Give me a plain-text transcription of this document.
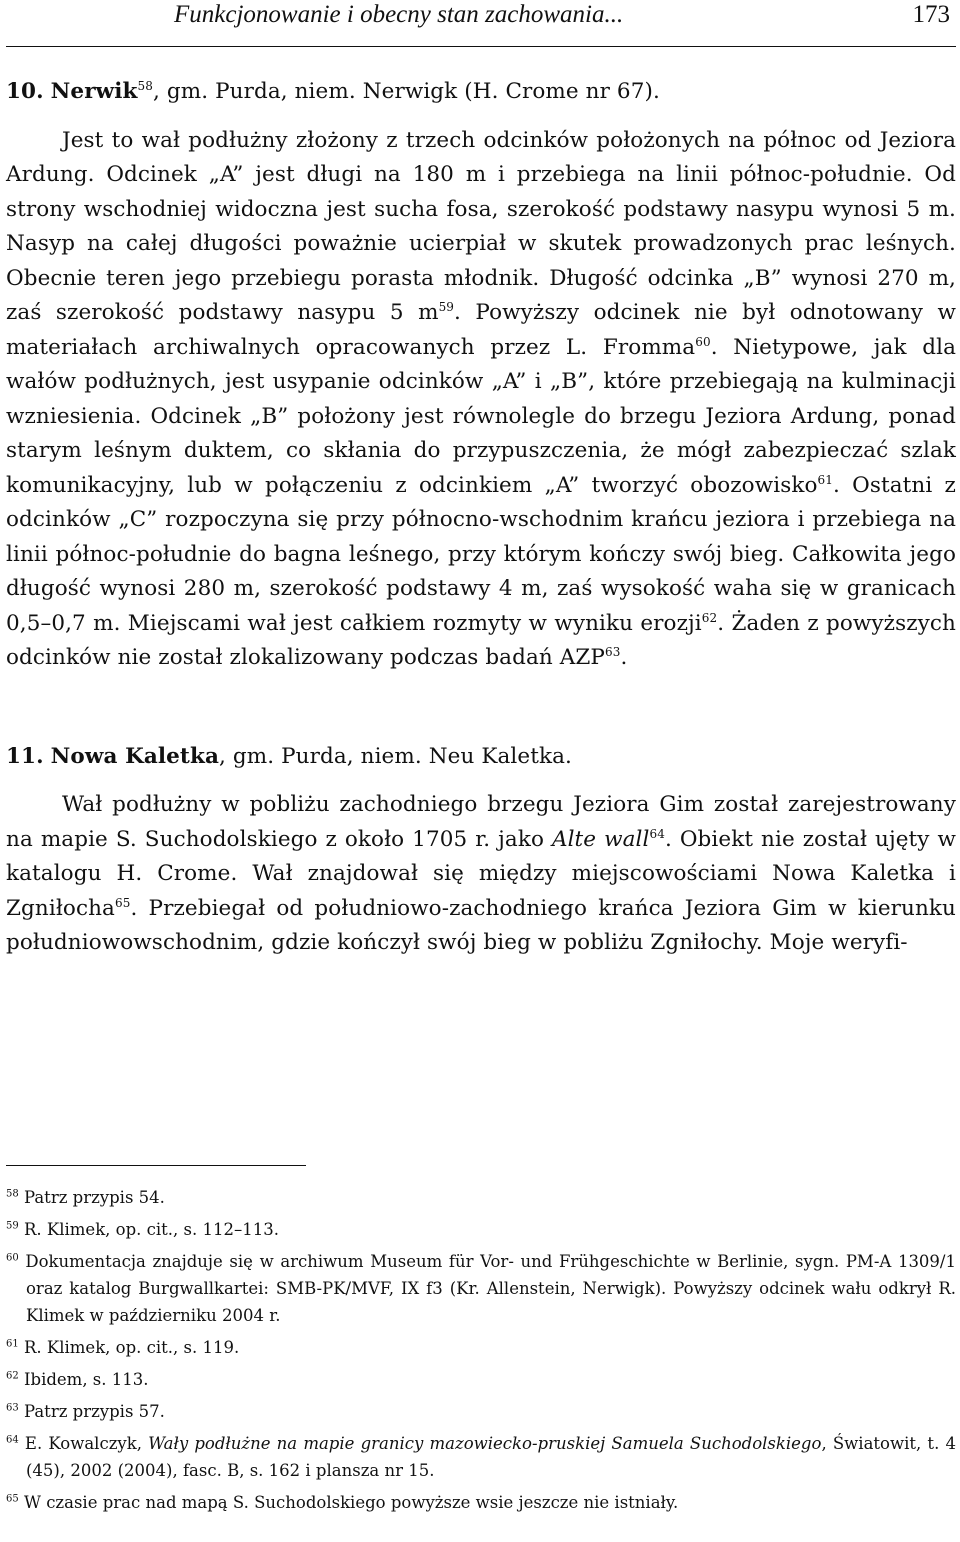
Funkcjonowanie i obecny stan zachowania...	173

10. Nerwik$^{58}$, gm. Purda, niem. Nerwigk (H. Crome nr 67).

Jest to wał podłużny złożony z trzech odcinków położonych na północ od Jeziora Ardung. Odcinek „A” jest długi na 180 m i przebiega na linii północ-południe. Od strony wschodniej widoczna jest sucha fosa, szerokość podstawy nasypu wynosi 5 m. Nasyp na całej długości poważnie ucierpiał w skutek prowadzonych prac leśnych. Obecnie teren jego przebiegu porasta młodnik. Długość odcinka „B” wynosi 270 m, zaś szerokość podstawy nasypu 5 $m^{59}$. Powyższy odcinek nie był odnotowany w materiałach archiwalnych opracowanych przez L. Fromma$^{60}$. Nietypowe, jak dla wałów podłużnych, jest usypanie odcinków „A” i „B”, które przebiegają na kulminacji wzniesienia. Odcinek „B” położony jest równolegle do brzegu Jeziora Ardung, ponad starym leśnym duktem, co skłania do przypuszczenia, że mógł zabezpieczać szlak komunikacyjny, lub w połączeniu z odcinkiem „A” tworzyć obozowisko$^{61}$. Ostatni z odcinków „C” rozpoczyna się przy północno-wschodnim krańcu jeziora i przebiega na linii północ-południe do bagna leśnego, przy którym kończy swój bieg. Całkowita jego długość wynosi 280 m, szerokość podstawy 4 m, zaś wysokość waha się w granicach 0,5–0,7 m. Miejscami wał jest całkiem rozmyty w wyniku erozji$^{62}$. Żaden z powyższych odcinków nie został zlokalizowany podczas badań AZP$^{63}$.

11. Nowa Kaletka, gm. Purda, niem. Neu Kaletka.

Wał podłużny w pobliżu zachodniego brzegu Jeziora Gim został zarejestrowany na mapie S. Suchodolskiego z około 1705 r. jako Alte wall$^{64}$. Obiekt nie został ujęty w katalogu H. Crome. Wał znajdował się między miejscowościami Nowa Kaletka i Zgniłocha$^{65}$. Przebiegał od południowo-zachodniego krańca Jeziora Gim w kierunku południowowschodnim, gdzie kończył swój bieg w pobliżu Zgniłochy. Moje weryfi-

$^{58}$ Patrz przypis 54.
$^{59}$ R. Klimek, op. cit., s. 112–113.
$^{60}$ Dokumentacja znajduje się w archiwum Museum für Vor- und Frühgeschichte w Berlinie, sygn. PM-A 1309/1 oraz katalog Burgwallkartei: SMB-PK/MVF, IX f3 (Kr. Allenstein, Nerwigk). Powyższy odcinek wału odkrył R. Klimek w październiku 2004 r.
$^{61}$ R. Klimek, op. cit., s. 119.
$^{62}$ Ibidem, s. 113.
$^{63}$ Patrz przypis 57.
$^{64}$ E. Kowalczyk, Wały podłużne na mapie granicy mazowiecko-pruskiej Samuela Suchodolskiego, Światowit, t. 4 (45), 2002 (2004), fasc. B, s. 162 i plansza nr 15.
$^{65}$ W czasie prac nad mapą S. Suchodolskiego powyższe wsie jeszcze nie istniały.
